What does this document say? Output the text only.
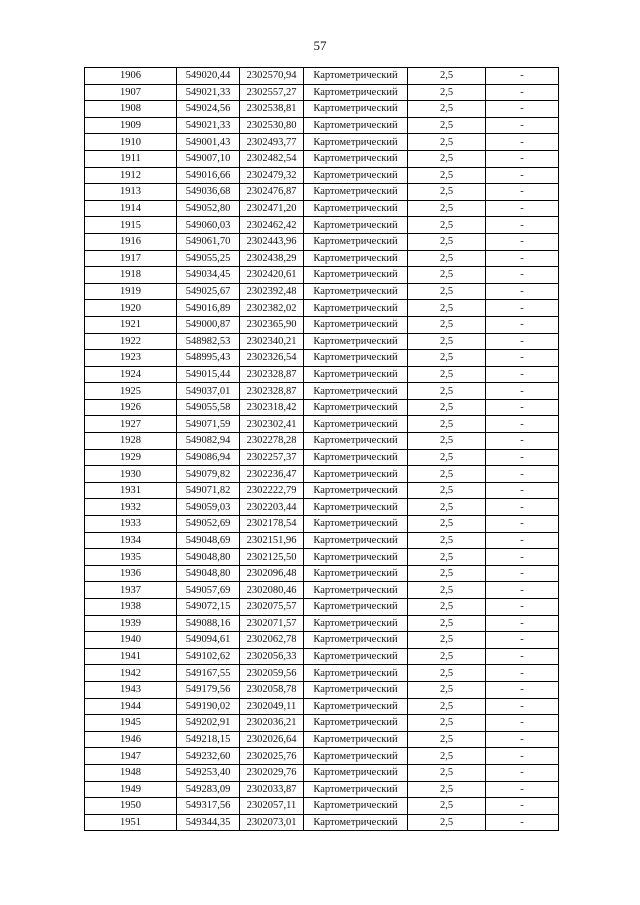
57
1906	549020,44	2302570,94	Картометрический	2,5	-
1907	549021,33	2302557,27	Картометрический	2,5	-
1908	549024,56	2302538,81	Картометрический	2,5	-
1909	549021,33	2302530,80	Картометрический	2,5	-
1910	549001,43	2302493,77	Картометрический	2,5	-
1911	549007,10	2302482,54	Картометрический	2,5	-
1912	549016,66	2302479,32	Картометрический	2,5	-
1913	549036,68	2302476,87	Картометрический	2,5	-
1914	549052,80	2302471,20	Картометрический	2,5	-
1915	549060,03	2302462,42	Картометрический	2,5	-
1916	549061,70	2302443,96	Картометрический	2,5	-
1917	549055,25	2302438,29	Картометрический	2,5	-
1918	549034,45	2302420,61	Картометрический	2,5	-
1919	549025,67	2302392,48	Картометрический	2,5	-
1920	549016,89	2302382,02	Картометрический	2,5	-
1921	549000,87	2302365,90	Картометрический	2,5	-
1922	548982,53	2302340,21	Картометрический	2,5	-
1923	548995,43	2302326,54	Картометрический	2,5	-
1924	549015,44	2302328,87	Картометрический	2,5	-
1925	549037,01	2302328,87	Картометрический	2,5	-
1926	549055,58	2302318,42	Картометрический	2,5	-
1927	549071,59	2302302,41	Картометрический	2,5	-
1928	549082,94	2302278,28	Картометрический	2,5	-
1929	549086,94	2302257,37	Картометрический	2,5	-
1930	549079,82	2302236,47	Картометрический	2,5	-
1931	549071,82	2302222,79	Картометрический	2,5	-
1932	549059,03	2302203,44	Картометрический	2,5	-
1933	549052,69	2302178,54	Картометрический	2,5	-
1934	549048,69	2302151,96	Картометрический	2,5	-
1935	549048,80	2302125,50	Картометрический	2,5	-
1936	549048,80	2302096,48	Картометрический	2,5	-
1937	549057,69	2302080,46	Картометрический	2,5	-
1938	549072,15	2302075,57	Картометрический	2,5	-
1939	549088,16	2302071,57	Картометрический	2,5	-
1940	549094,61	2302062,78	Картометрический	2,5	-
1941	549102,62	2302056,33	Картометрический	2,5	-
1942	549167,55	2302059,56	Картометрический	2,5	-
1943	549179,56	2302058,78	Картометрический	2,5	-
1944	549190,02	2302049,11	Картометрический	2,5	-
1945	549202,91	2302036,21	Картометрический	2,5	-
1946	549218,15	2302026,64	Картометрический	2,5	-
1947	549232,60	2302025,76	Картометрический	2,5	-
1948	549253,40	2302029,76	Картометрический	2,5	-
1949	549283,09	2302033,87	Картометрический	2,5	-
1950	549317,56	2302057,11	Картометрический	2,5	-
1951	549344,35	2302073,01	Картометрический	2,5	-
